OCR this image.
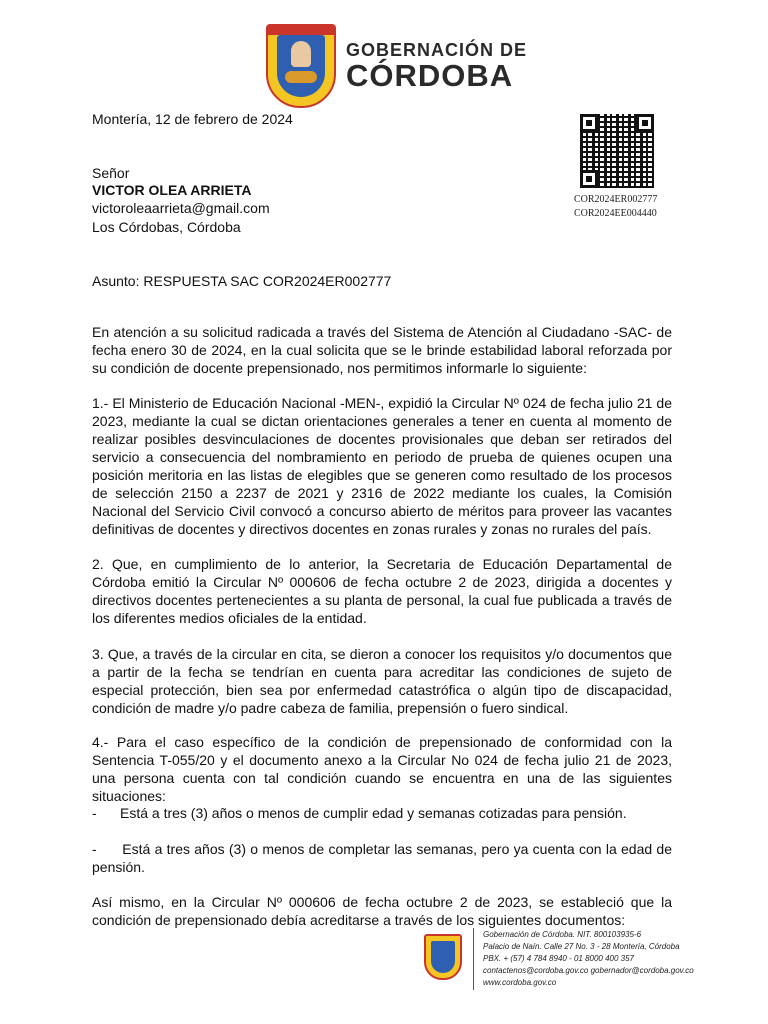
GOBERNACIÓN DE
CÓRDOBA
COR2024ER002777
COR2024EE004440
Montería, 12 de febrero de 2024
Señor
VICTOR OLEA ARRIETA
victoroleaarrieta@gmail.com
Los Córdobas, Córdoba
Asunto: RESPUESTA SAC COR2024ER002777
En atención a su solicitud radicada a través del Sistema de Atención al Ciudadano -SAC- de fecha enero 30 de 2024, en la cual solicita que se le brinde estabilidad laboral reforzada por su condición de docente prepensionado, nos permitimos informarle lo siguiente:
1.- El Ministerio de Educación Nacional -MEN-, expidió la Circular Nº 024 de fecha julio 21 de 2023, mediante la cual se dictan orientaciones generales a tener en cuenta al momento de realizar posibles desvinculaciones de docentes provisionales que deban ser retirados del servicio a consecuencia del nombramiento en periodo de prueba de quienes ocupen una posición meritoria en las listas de elegibles que se generen como resultado de los procesos de selección 2150 a 2237 de 2021 y 2316 de 2022 mediante los cuales, la Comisión Nacional del Servicio Civil convocó a concurso abierto de méritos para proveer las vacantes definitivas de docentes y directivos docentes en zonas rurales y zonas no rurales del país.
2. Que, en cumplimiento de lo anterior, la Secretaria de Educación Departamental de Córdoba emitió la Circular Nº 000606 de fecha octubre 2 de 2023, dirigida a docentes y directivos docentes pertenecientes a su planta de personal, la cual fue publicada a través de los diferentes medios oficiales de la entidad.
3. Que, a través de la circular en cita, se dieron a conocer los requisitos y/o documentos que a partir de la fecha se tendrían en cuenta para acreditar las condiciones de sujeto de especial protección, bien sea por enfermedad catastrófica o algún tipo de discapacidad, condición de madre y/o padre cabeza de familia, prepensión o fuero sindical.
4.- Para el caso específico de la condición de prepensionado de conformidad con la Sentencia T-055/20 y el documento anexo a la Circular No 024 de fecha julio 21 de 2023, una persona cuenta con tal condición cuando se encuentra en una de las siguientes situaciones:
-      Está a tres (3) años o menos de cumplir edad y semanas cotizadas para pensión.
-      Está a tres años (3) o menos de completar las semanas, pero ya cuenta con la edad de pensión.
Así mismo, en la Circular Nº 000606 de fecha octubre 2 de 2023, se estableció que la condición de prepensionado debía acreditarse a través de los siguientes documentos:
Gobernación de Córdoba. NIT. 800103935-6
Palacio de Naín. Calle 27 No. 3 - 28 Montería, Córdoba
PBX. + (57) 4 784 8940 - 01 8000 400 357
contactenos@cordoba.gov.co gobernador@cordoba.gov.co
www.cordoba.gov.co
